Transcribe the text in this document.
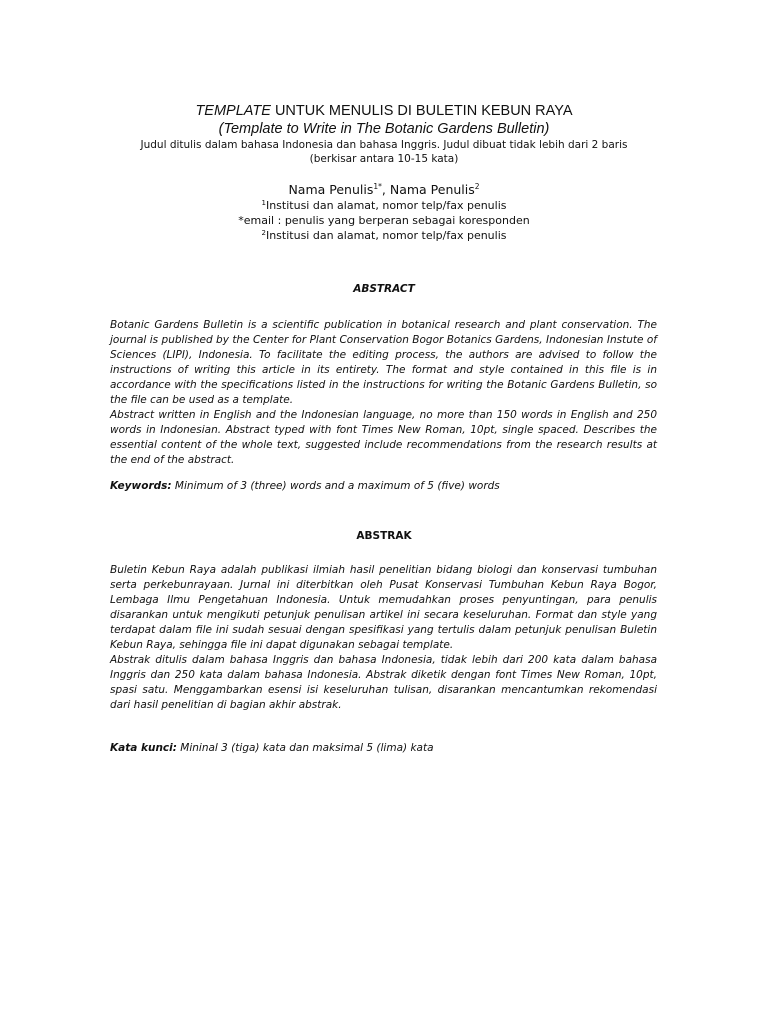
TEMPLATE UNTUK MENULIS DI BULETIN KEBUN RAYA
(Template to Write in The Botanic Gardens Bulletin)
Judul ditulis dalam bahasa Indonesia dan bahasa Inggris. Judul dibuat tidak lebih dari 2 baris (berkisar antara 10-15 kata)
Nama Penulis$^{1*}$, Nama Penulis$^2$
$^1$Institusi dan alamat, nomor telp/fax penulis
*email : penulis yang berperan sebagai koresponden
$^2$Institusi dan alamat, nomor telp/fax penulis
ABSTRACT

Botanic Gardens Bulletin is a scientific publication in botanical research and plant conservation. The journal is published by the Center for Plant Conservation Bogor Botanics Gardens, Indonesian Instute of Sciences (LIPI), Indonesia. To facilitate the editing process, the authors are advised to follow the instructions of writing this article in its entirety. The format and style contained in this file is in accordance with the specifications listed in the instructions for writing the Botanic Gardens Bulletin, so the file can be used as a template.

Abstract written in English and the Indonesian language, no more than 150 words in English and 250 words in Indonesian. Abstract typed with font Times New Roman, 10pt, single spaced. Describes the essential content of the whole text, suggested include recommendations from the research results at the end of the abstract.

Keywords: Minimum of 3 (three) words and a maximum of 5 (five) words
ABSTRAK

Buletin Kebun Raya adalah publikasi ilmiah hasil penelitian bidang biologi dan konservasi tumbuhan serta perkebunrayaan. Jurnal ini diterbitkan oleh Pusat Konservasi Tumbuhan Kebun Raya Bogor, Lembaga Ilmu Pengetahuan Indonesia. Untuk memudahkan proses penyuntingan, para penulis disarankan untuk mengikuti petunjuk penulisan artikel ini secara keseluruhan. Format dan style yang terdapat dalam file ini sudah sesuai dengan spesifikasi yang tertulis dalam petunjuk penulisan Buletin Kebun Raya, sehingga file ini dapat digunakan sebagai template.

Abstrak ditulis dalam bahasa Inggris dan bahasa Indonesia, tidak lebih dari 200 kata dalam bahasa Inggris dan 250 kata dalam bahasa Indonesia. Abstrak diketik dengan font Times New Roman, 10pt, spasi satu. Menggambarkan esensi isi keseluruhan tulisan, disarankan mencantumkan rekomendasi dari hasil penelitian di bagian akhir abstrak.

Kata kunci: Mininal 3 (tiga) kata dan maksimal 5 (lima) kata
